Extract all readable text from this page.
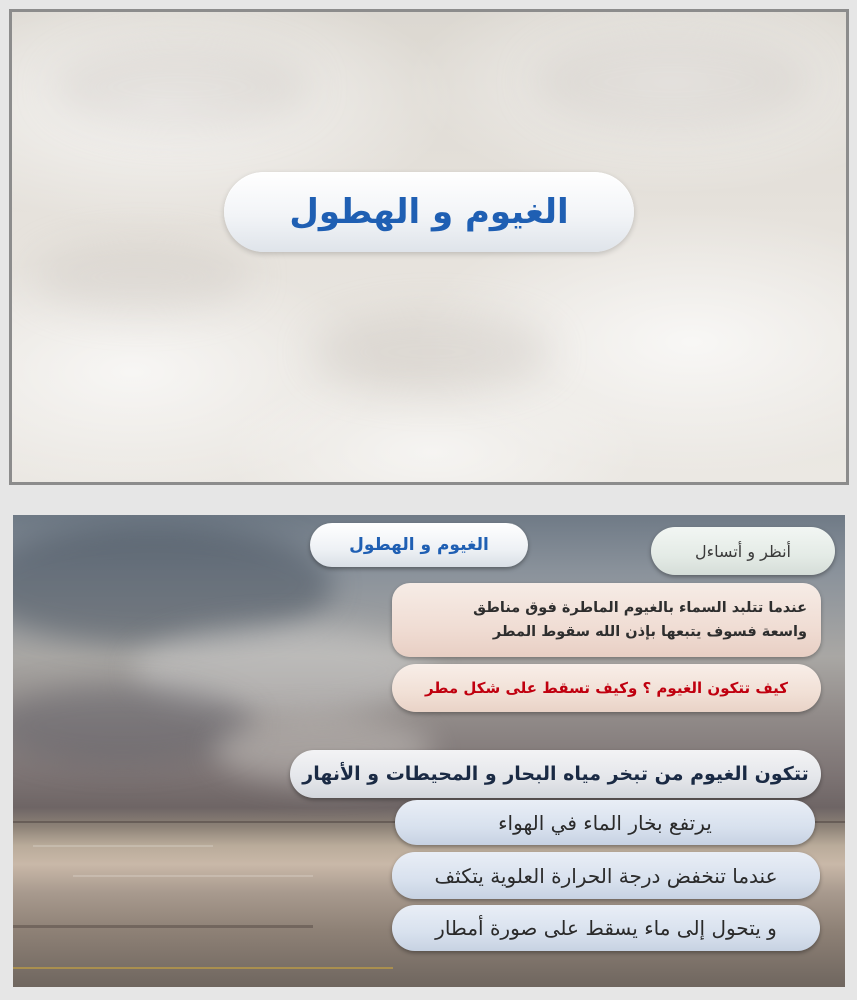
الغيوم و الهطول
الغيوم و الهطول	أنظر و أتساءل
عندما تتلبد السماء بالغيوم الماطرة فوق مناطق
واسعة فسوف يتبعها بإذن الله سقوط المطر
كيف تتكون الغيوم ؟ وكيف تسقط على شكل مطر
تتكون الغيوم من تبخر مياه البحار و المحيطات و الأنهار
يرتفع بخار الماء في الهواء
عندما تنخفض درجة الحرارة العلوية يتكثف
و يتحول إلى ماء يسقط على صورة أمطار
